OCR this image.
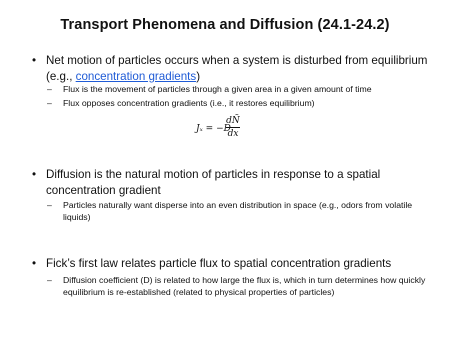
Transport Phenomena and Diffusion (24.1-24.2)
• Net motion of particles occurs when a system is disturbed from equilibrium (e.g., concentration gradients)
–	Flux is the movement of particles through a given area in a given amount of time
–	Flux opposes concentration gradients (i.e., it restores equilibrium)
Jₓ = −D
dÑ
dx
• Diffusion is the natural motion of particles in response to a spatial concentration gradient
–	Particles naturally want disperse into an even distribution in space (e.g., odors from volatile liquids)
• Fick’s first law relates particle flux to spatial concentration gradients
–	Diffusion coefficient (D) is related to how large the flux is, which in turn determines how quickly equilibrium is re-established (related to physical properties of particles)
